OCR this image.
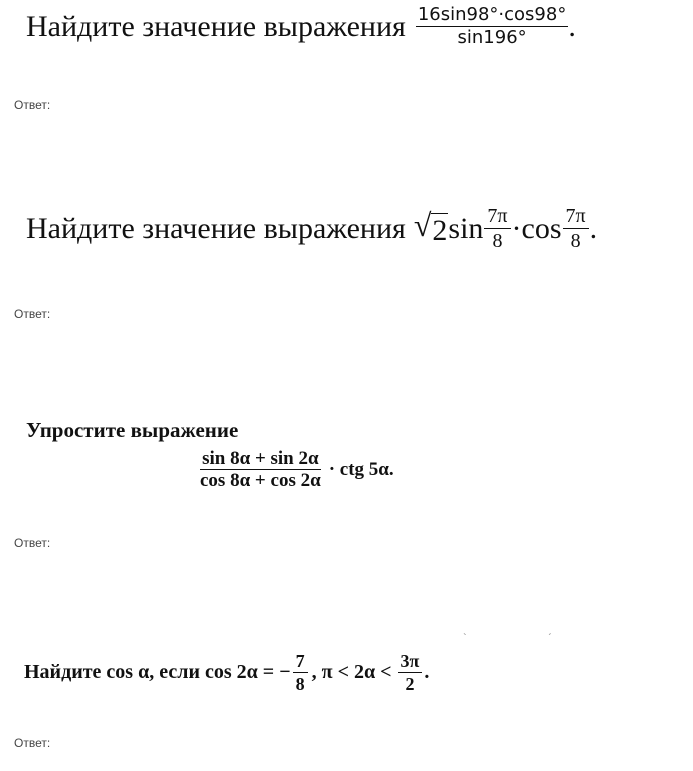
Найдите значение выражения $\frac{16\sin 98^\circ\cdot\cos 98^\circ}{\sin 196^\circ}$ .
Ответ:
Найдите значение выражения √ 2 $\sin \frac{7\pi}{8} \cdot \cos \frac{7\pi}{8}$ .
Ответ:
Упростите выражение
$\frac{\sin 8\alpha + \sin 2\alpha}{\cos 8\alpha + \cos 2\alpha}$ · ctg 5α.
Ответ:
`	´
Найдите cos α, если cos 2α = − $\frac{7}{8}$ , $\pi < 2\alpha < \frac{3\pi}{2}$ .
Ответ:
